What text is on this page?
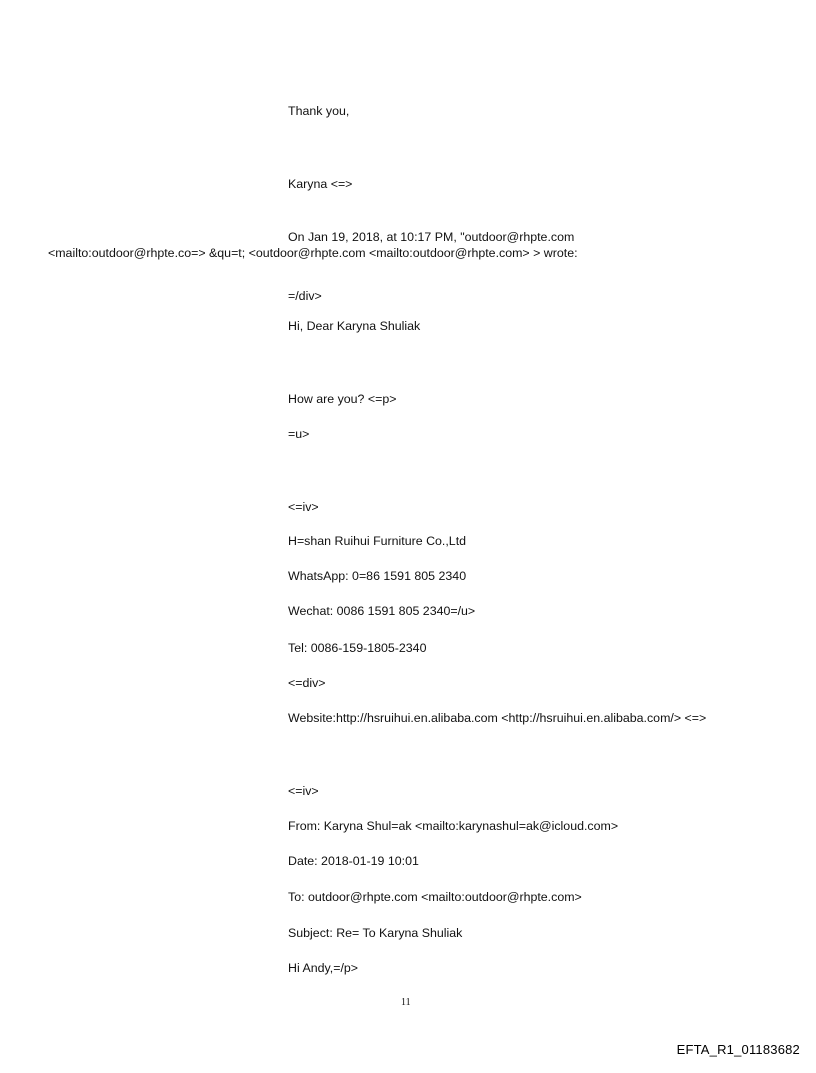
Thank you,
Karyna <=>
On Jan 19, 2018, at 10:17 PM, "outdoor@rhpte.com
<mailto:outdoor@rhpte.co=> &qu=t; <outdoor@rhpte.com <mailto:outdoor@rhpte.com> > wrote:
=/div>
Hi, Dear Karyna Shuliak
How are you? <=p>
=u>
<=iv>
H=shan Ruihui Furniture Co.,Ltd
WhatsApp: 0=86 1591 805 2340
Wechat: 0086 1591 805 2340=/u>
Tel: 0086-159-1805-2340
<=div>
Website:http://hsruihui.en.alibaba.com <http://hsruihui.en.alibaba.com/> <=>
<=iv>
From: Karyna Shul=ak <mailto:karynashul=ak@icloud.com>
Date: 2018-01-19 10:01
To: outdoor@rhpte.com <mailto:outdoor@rhpte.com>
Subject: Re= To Karyna Shuliak
Hi Andy,=/p>
11
EFTA_R1_01183682
